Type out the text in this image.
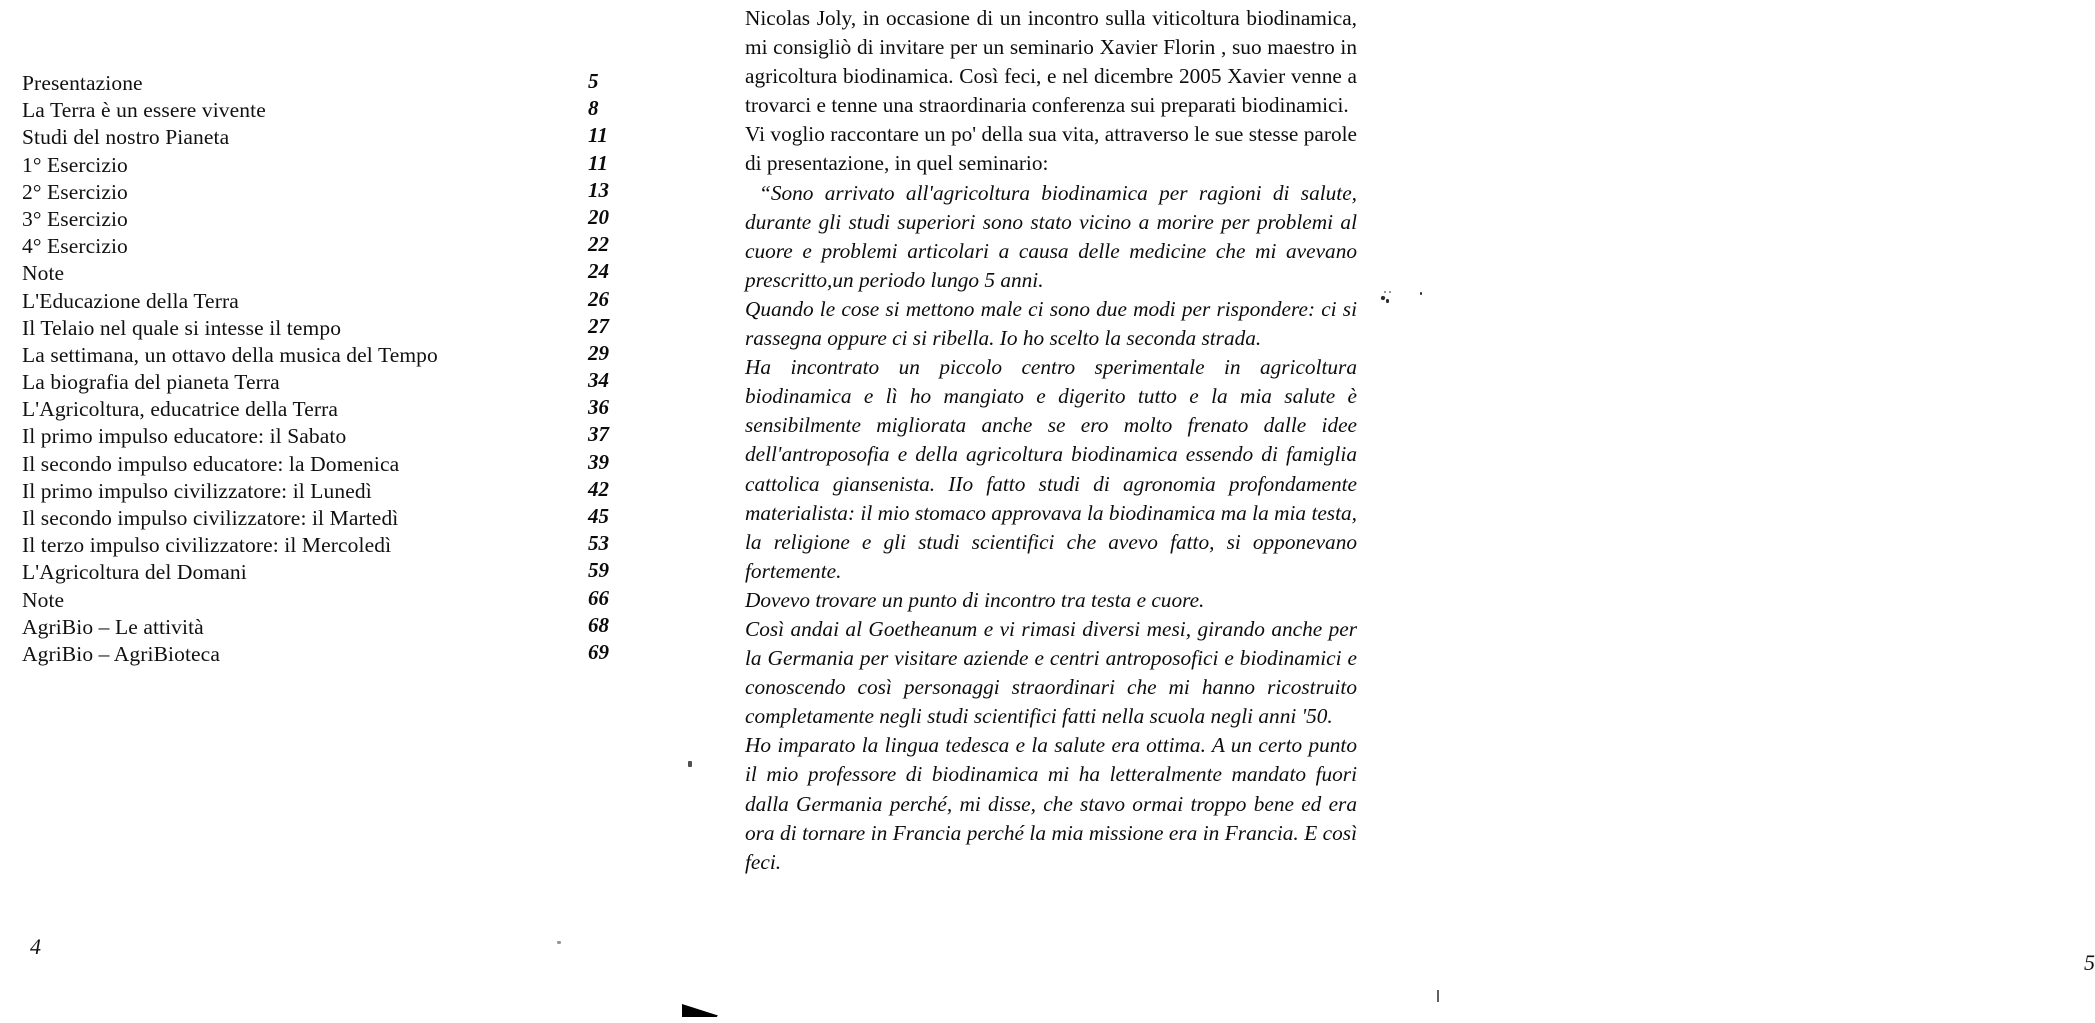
Presentazione	5
La Terra è un essere vivente	8
Studi del nostro Pianeta	11
1° Esercizio	11
2° Esercizio	13
3° Esercizio	20
4° Esercizio	22
Note	24
L'Educazione della Terra	26
Il Telaio nel quale si intesse il tempo	27
La settimana, un ottavo della musica del Tempo	29
La biografia del pianeta Terra	34
L'Agricoltura, educatrice della Terra	36
Il primo impulso educatore: il Sabato	37
Il secondo impulso educatore: la Domenica	39
Il primo impulso civilizzatore: il Lunedì	42
Il secondo impulso civilizzatore: il Martedì	45
Il terzo impulso civilizzatore: il Mercoledì	53
L'Agricoltura del Domani	59
Note	66
AgriBio – Le attività	68
AgriBio – AgriBioteca	69
4

Nicolas Joly, in occasione di un incontro sulla viticoltura biodinamica, mi consigliò di invitare per un seminario Xavier Florin , suo maestro in agricoltura biodinamica. Così feci, e nel dicembre 2005 Xavier venne a trovarci e tenne una straordinaria conferenza sui preparati biodinamici.

Vi voglio raccontare un po' della sua vita, attraverso le sue stesse parole di presentazione, in quel seminario:

“Sono arrivato all'agricoltura biodinamica per ragioni di salute, durante gli studi superiori sono stato vicino a morire per problemi al cuore e problemi articolari a causa delle medicine che mi avevano prescritto,un periodo lungo 5 anni.

Quando le cose si mettono male ci sono due modi per rispondere: ci si rassegna oppure ci si ribella. Io ho scelto la seconda strada.

Ha incontrato un piccolo centro sperimentale in agricoltura biodinamica e lì ho mangiato e digerito tutto e la mia salute è sensibilmente migliorata anche se ero molto frenato dalle idee dell'antroposofia e della agricoltura biodinamica essendo di famiglia cattolica giansenista. IIo fatto studi di agronomia profondamente materialista: il mio stomaco approvava la biodinamica ma la mia testa, la religione e gli studi scientifici che avevo fatto, si opponevano fortemente.

Dovevo trovare un punto di incontro tra testa e cuore.

Così andai al Goetheanum e vi rimasi diversi mesi, girando anche per la Germania per visitare aziende e centri antroposofici e biodinamici e conoscendo così personaggi straordinari che mi hanno ricostruito completamente negli studi scientifici fatti nella scuola negli anni '50.

Ho imparato la lingua tedesca e la salute era ottima. A un certo punto il mio professore di biodinamica mi ha letteralmente mandato fuori dalla Germania perché, mi disse, che stavo ormai troppo bene ed era ora di tornare in Francia perché la mia missione era in Francia. E così feci.

5
